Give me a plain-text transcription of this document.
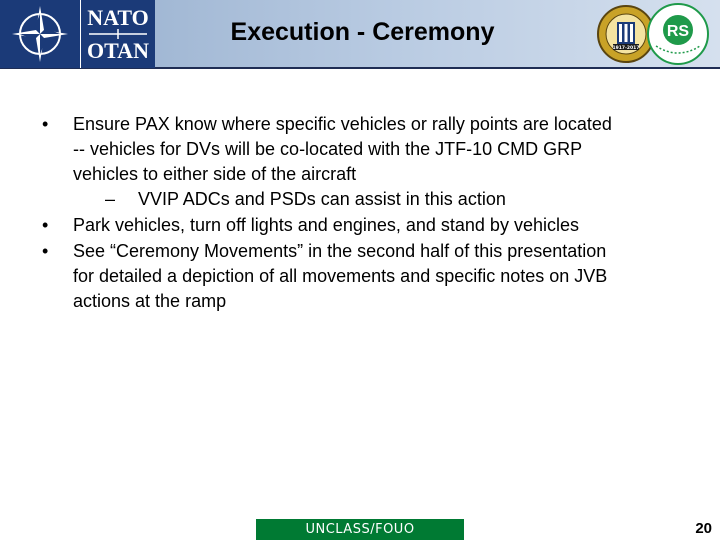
NATO
OTAN
Execution - Ceremony
1917-2017
RS
• Ensure PAX know where specific vehicles or rally points are located
-- vehicles for DVs will be co-located with the JTF-10 CMD GRP
vehicles to either side of the aircraft
– VVIP ADCs and PSDs can assist in this action
• Park vehicles, turn off lights and engines, and stand by vehicles
• See “Ceremony Movements” in the second half of this presentation
for detailed a depiction of all movements and specific notes on JVB
actions at the ramp
UNCLASS/FOUO	20
